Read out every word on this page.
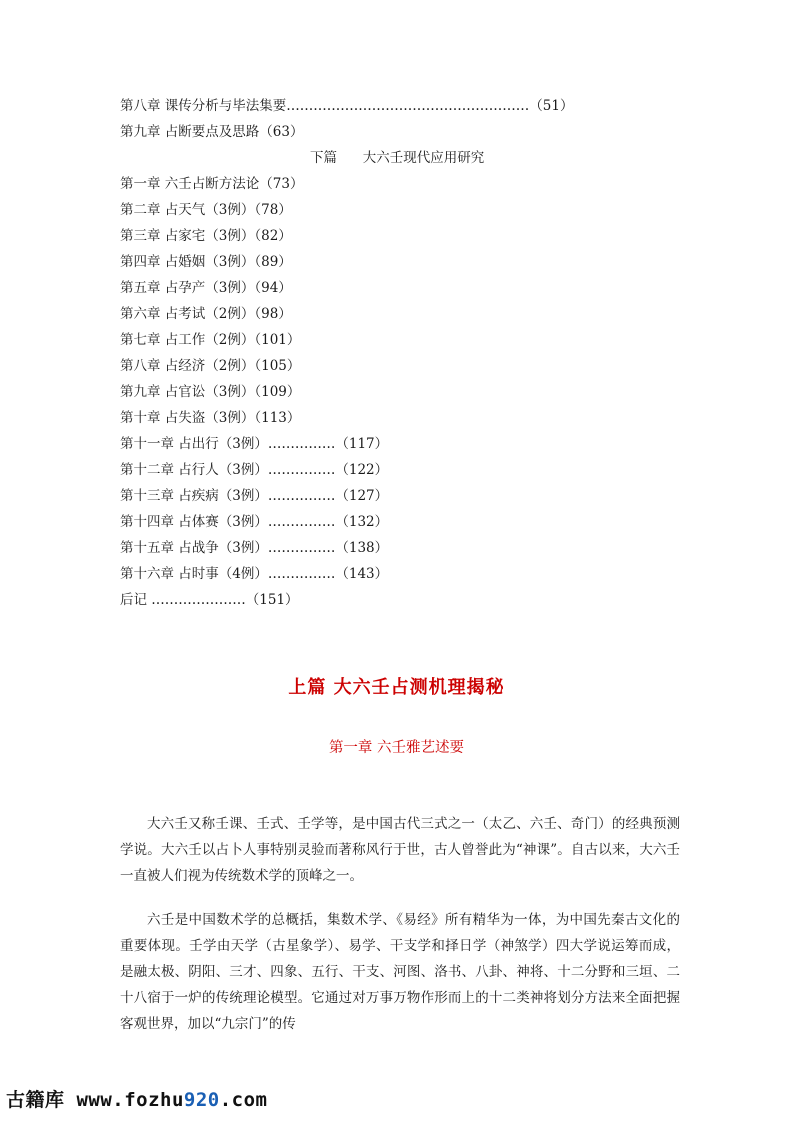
第八章 课传分析与毕法集要………………………………………………（51）
第九章 占断要点及思路（63）
下篇      大六壬现代应用研究
第一章 六壬占断方法论（73）
第二章 占天气（3例）（78）
第三章 占家宅（3例）（82）
第四章 占婚姻（3例）（89）
第五章 占孕产（3例）（94）
第六章 占考试（2例）（98）
第七章 占工作（2例）（101）
第八章 占经济（2例）（105）
第九章 占官讼（3例）（109）
第十章 占失盗（3例）（113）
第十一章 占出行（3例）……………（117）
第十二章 占行人（3例）……………（122）
第十三章 占疾病（3例）……………（127）
第十四章 占体赛（3例）……………（132）
第十五章 占战争（3例）……………（138）
第十六章 占时事（4例）……………（143）
后记 …………………（151）
上篇 大六壬占测机理揭秘
第一章 六壬雅艺述要
大六壬又称壬课、壬式、壬学等，是中国古代三式之一（太乙、六壬、奇门）的经典预测学说。大六壬以占卜人事特别灵验而著称风行于世，古人曾誉此为“神课”。自古以来，大六壬一直被人们视为传统数术学的顶峰之一。
六壬是中国数术学的总概括，集数术学、《易经》所有精华为一体，为中国先秦古文化的重要体现。壬学由天学（古星象学）、易学、干支学和择日学（神煞学）四大学说运筹而成，是融太极、阴阳、三才、四象、五行、干支、河图、洛书、八卦、神将、十二分野和三垣、二十八宿于一炉的传统理论模型。它通过对万事万物作形而上的十二类神将划分方法来全面把握客观世界，加以“九宗门”的传
古籍库 www.fozhu920.com
